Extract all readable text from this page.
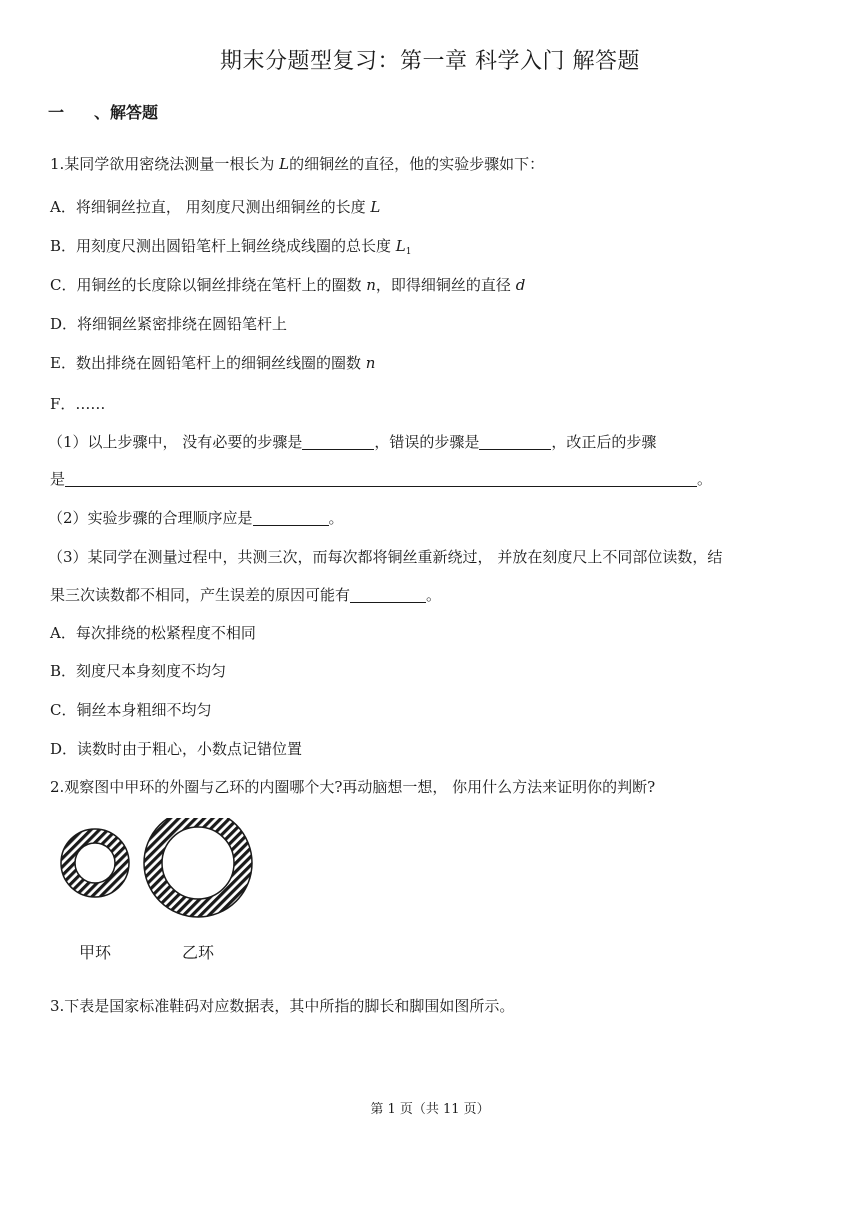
期末分题型复习：第一章 科学入门 解答题
一 、解答题
1.某同学欲用密绕法测量一根长为 L的细铜丝的直径，他的实验步骤如下：
A．将细铜丝拉直， 用刻度尺测出细铜丝的长度 L
B．用刻度尺测出圆铅笔杆上铜丝绕成线圈的总长度 $L_1$
C．用铜丝的长度除以铜丝排绕在笔杆上的圈数 n，即得细铜丝的直径 d
D．将细铜丝紧密排绕在圆铅笔杆上
E．数出排绕在圆铅笔杆上的细铜丝线圈的圈数 n
F．……
（1）以上步骤中， 没有必要的步骤是	，错误的步骤是	，改正后的步骤
是	。
（2）实验步骤的合理顺序应是	。
（3）某同学在测量过程中，共测三次，而每次都将铜丝重新绕过， 并放在刻度尺上不同部位读数，结
果三次读数都不相同，产生误差的原因可能有	。
A．每次排绕的松紧程度不相同
B．刻度尺本身刻度不均匀
C．铜丝本身粗细不均匀
D．读数时由于粗心，小数点记错位置
2.观察图中甲环的外圈与乙环的内圈哪个大?再动脑想一想， 你用什么方法来证明你的判断?
甲环	乙环
3.下表是国家标准鞋码对应数据表，其中所指的脚长和脚围如图所示。
第 1 页（共 11 页）
